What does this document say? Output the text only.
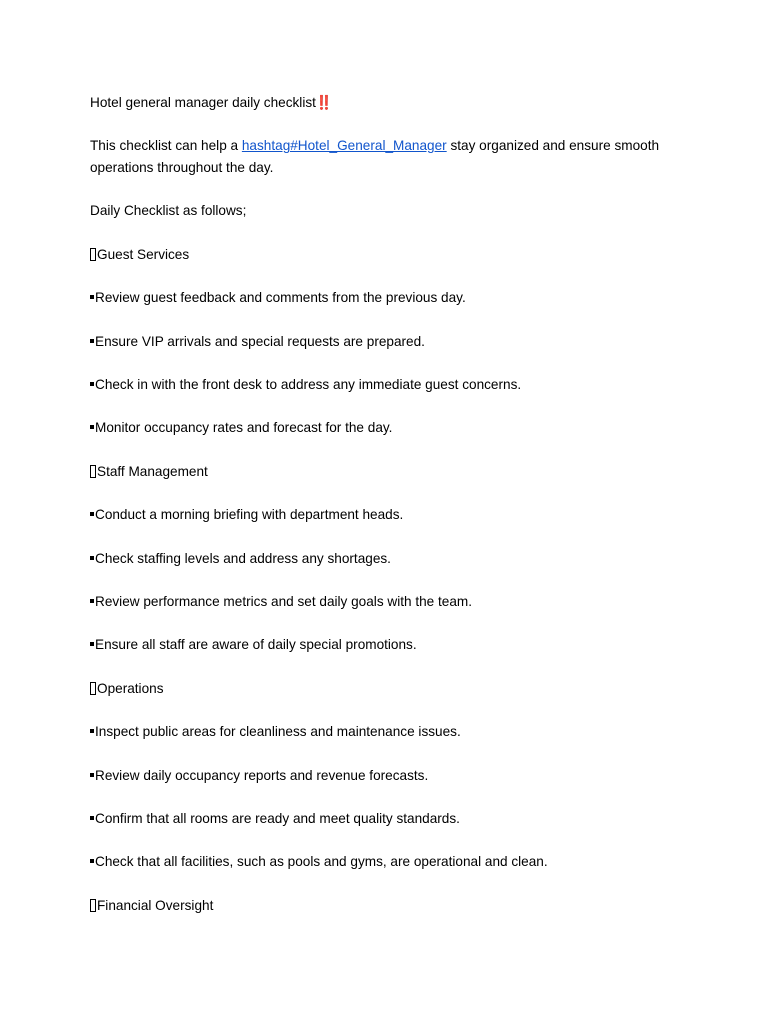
Hotel general manager daily checklist‼️

This checklist can help a hashtag#Hotel_General_Manager stay organized and ensure smooth operations throughout the day.

Daily Checklist as follows;

Guest Services

Review guest feedback and comments from the previous day.

Ensure VIP arrivals and special requests are prepared.

Check in with the front desk to address any immediate guest concerns.

Monitor occupancy rates and forecast for the day.

Staff Management

Conduct a morning briefing with department heads.

Check staffing levels and address any shortages.

Review performance metrics and set daily goals with the team.

Ensure all staff are aware of daily special promotions.

Operations

Inspect public areas for cleanliness and maintenance issues.

Review daily occupancy reports and revenue forecasts.

Confirm that all rooms are ready and meet quality standards.

Check that all facilities, such as pools and gyms, are operational and clean.

Financial Oversight
